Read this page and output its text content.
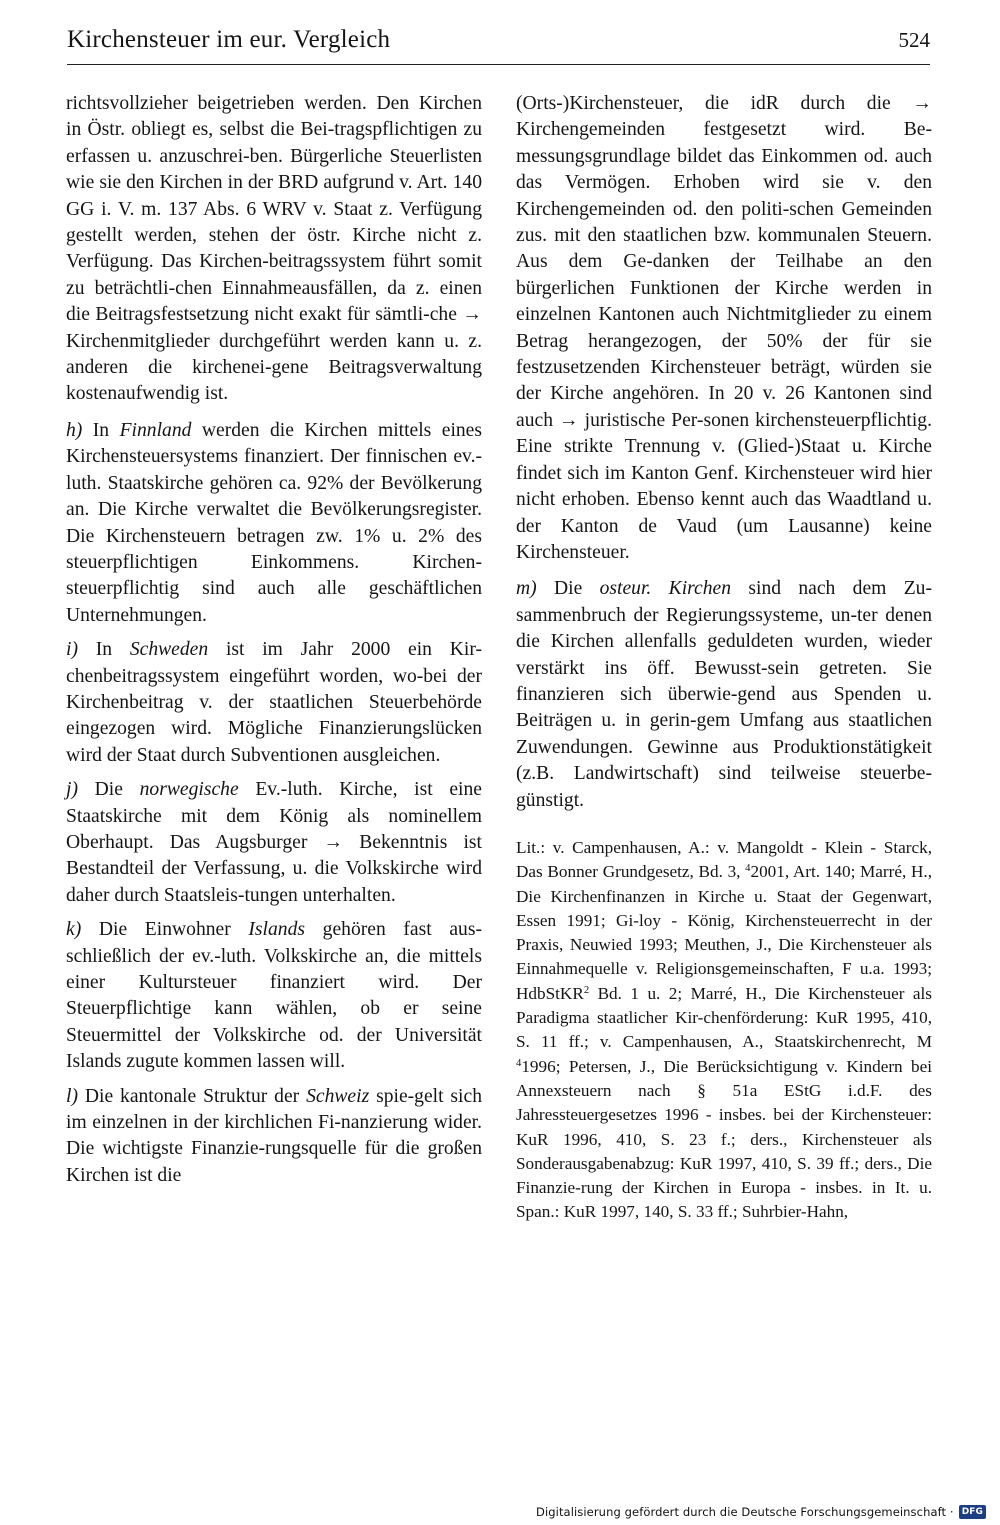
Kirchensteuer im eur. Vergleich	524

richtsvollzieher beigetrieben werden. Den Kirchen in Östr. obliegt es, selbst die Bei-tragspflichtigen zu erfassen u. anzuschrei-ben. Bürgerliche Steuerlisten wie sie den Kirchen in der BRD aufgrund v. Art. 140 GG i. V. m. 137 Abs. 6 WRV v. Staat z. Verfügung gestellt werden, stehen der östr. Kirche nicht z. Verfügung. Das Kirchen-beitragssystem führt somit zu beträchtli-chen Einnahmeausfällen, da z. einen die Beitragsfestsetzung nicht exakt für sämtli-che → Kirchenmitglieder durchgeführt werden kann u. z. anderen die kirchenei-gene Beitragsverwaltung kostenaufwendig ist.

h) In Finnland werden die Kirchen mittels eines Kirchensteuersystems finanziert. Der finnischen ev.-luth. Staatskirche gehören ca. 92% der Bevölkerung an. Die Kirche verwaltet die Bevölkerungsregister. Die Kirchensteuern betragen zw. 1% u. 2% des steuerpflichtigen Einkommens. Kirchen-steuerpflichtig sind auch alle geschäftlichen Unternehmungen.

i) In Schweden ist im Jahr 2000 ein Kir-chenbeitragssystem eingeführt worden, wo-bei der Kirchenbeitrag v. der staatlichen Steuerbehörde eingezogen wird. Mögliche Finanzierungslücken wird der Staat durch Subventionen ausgleichen.

j) Die norwegische Ev.-luth. Kirche, ist eine Staatskirche mit dem König als nominellem Oberhaupt. Das Augsburger → Bekenntnis ist Bestandteil der Verfassung, u. die Volkskirche wird daher durch Staatsleis-tungen unterhalten.

k) Die Einwohner Islands gehören fast aus-schließlich der ev.-luth. Volkskirche an, die mittels einer Kultursteuer finanziert wird. Der Steuerpflichtige kann wählen, ob er seine Steuermittel der Volkskirche od. der Universität Islands zugute kommen lassen will.

l) Die kantonale Struktur der Schweiz spie-gelt sich im einzelnen in der kirchlichen Fi-nanzierung wider. Die wichtigste Finanzie-rungsquelle für die großen Kirchen ist die

(Orts-)Kirchensteuer, die idR durch die → Kirchengemeinden festgesetzt wird. Be-messungsgrundlage bildet das Einkommen od. auch das Vermögen. Erhoben wird sie v. den Kirchengemeinden od. den politi-schen Gemeinden zus. mit den staatlichen bzw. kommunalen Steuern. Aus dem Ge-danken der Teilhabe an den bürgerlichen Funktionen der Kirche werden in einzelnen Kantonen auch Nichtmitglieder zu einem Betrag herangezogen, der 50% der für sie festzusetzenden Kirchensteuer beträgt, würden sie der Kirche angehören. In 20 v. 26 Kantonen sind auch → juristische Per-sonen kirchensteuerpflichtig. Eine strikte Trennung v. (Glied-)Staat u. Kirche findet sich im Kanton Genf. Kirchensteuer wird hier nicht erhoben. Ebenso kennt auch das Waadtland u. der Kanton de Vaud (um Lausanne) keine Kirchensteuer.

m) Die osteur. Kirchen sind nach dem Zu-sammenbruch der Regierungssysteme, un-ter denen die Kirchen allenfalls geduldeten wurden, wieder verstärkt ins öff. Bewusst-sein getreten. Sie finanzieren sich überwie-gend aus Spenden u. Beiträgen u. in gerin-gem Umfang aus staatlichen Zuwendungen. Gewinne aus Produktionstätigkeit (z.B. Landwirtschaft) sind teilweise steuerbe-günstigt.

Lit.: v. Campenhausen, A.: v. Mangoldt - Klein - Starck, Das Bonner Grundgesetz, Bd. 3, $^4$2001, Art. 140; Marré, H., Die Kirchenfinanzen in Kirche u. Staat der Gegenwart, Essen 1991; Gi-loy - König, Kirchensteuerrecht in der Praxis, Neuwied 1993; Meuthen, J., Die Kirchensteuer als Einnahmequelle v. Religionsgemeinschaften, F u.a. 1993; HdbStKR$^2$ Bd. 1 u. 2; Marré, H., Die Kirchensteuer als Paradigma staatlicher Kir-chenförderung: KuR 1995, 410, S. 11 ff.; v. Campenhausen, A., Staatskirchenrecht, M $^4$1996; Petersen, J., Die Berücksichtigung v. Kindern bei Annexsteuern nach § 51a EStG i.d.F. des Jahressteuergesetzes 1996 - insbes. bei der Kirchensteuer: KuR 1996, 410, S. 23 f.; ders., Kirchensteuer als Sonderausgabenabzug: KuR 1997, 410, S. 39 ff.; ders., Die Finanzie-rung der Kirchen in Europa - insbes. in It. u. Span.: KuR 1997, 140, S. 33 ff.; Suhrbier-Hahn,

Digitalisierung gefördert durch die Deutsche Forschungsgemeinschaft · DFG
